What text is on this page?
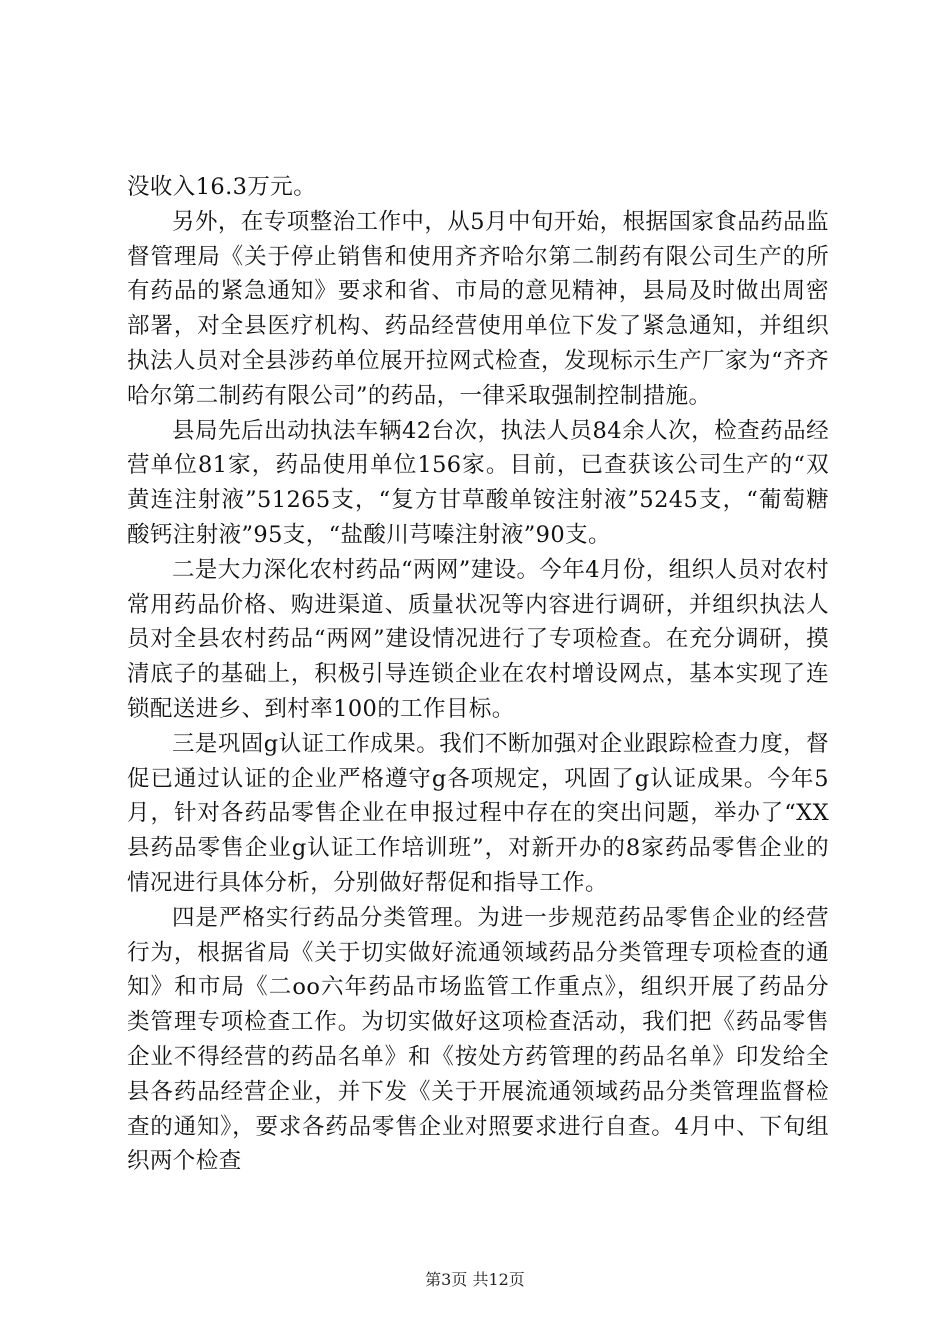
没收入16.3万元。

另外，在专项整治工作中，从5月中旬开始，根据国家食品药品监督管理局《关于停止销售和使用齐齐哈尔第二制药有限公司生产的所有药品的紧急通知》要求和省、市局的意见精神，县局及时做出周密部署，对全县医疗机构、药品经营使用单位下发了紧急通知，并组织执法人员对全县涉药单位展开拉网式检查，发现标示生产厂家为“齐齐哈尔第二制药有限公司”的药品，一律采取强制控制措施。

县局先后出动执法车辆42台次，执法人员84余人次，检查药品经营单位81家，药品使用单位156家。目前，已查获该公司生产的“双黄连注射液”51265支，“复方甘草酸单铵注射液”5245支，“葡萄糖酸钙注射液”95支，“盐酸川芎嗪注射液”90支。

二是大力深化农村药品“两网”建设。今年4月份，组织人员对农村常用药品价格、购进渠道、质量状况等内容进行调研，并组织执法人员对全县农村药品“两网”建设情况进行了专项检查。在充分调研，摸清底子的基础上，积极引导连锁企业在农村增设网点，基本实现了连锁配送进乡、到村率100的工作目标。

三是巩固g认证工作成果。我们不断加强对企业跟踪检查力度，督促已通过认证的企业严格遵守g各项规定，巩固了g认证成果。今年5月，针对各药品零售企业在申报过程中存在的突出问题，举办了“XX县药品零售企业g认证工作培训班”，对新开办的8家药品零售企业的情况进行具体分析，分别做好帮促和指导工作。

四是严格实行药品分类管理。为进一步规范药品零售企业的经营行为，根据省局《关于切实做好流通领域药品分类管理专项检查的通知》和市局《二oo六年药品市场监管工作重点》，组织开展了药品分类管理专项检查工作。为切实做好这项检查活动，我们把《药品零售企业不得经营的药品名单》和《按处方药管理的药品名单》印发给全县各药品经营企业，并下发《关于开展流通领域药品分类管理监督检查的通知》，要求各药品零售企业对照要求进行自查。4月中、下旬组织两个检查

第3页 共12页
